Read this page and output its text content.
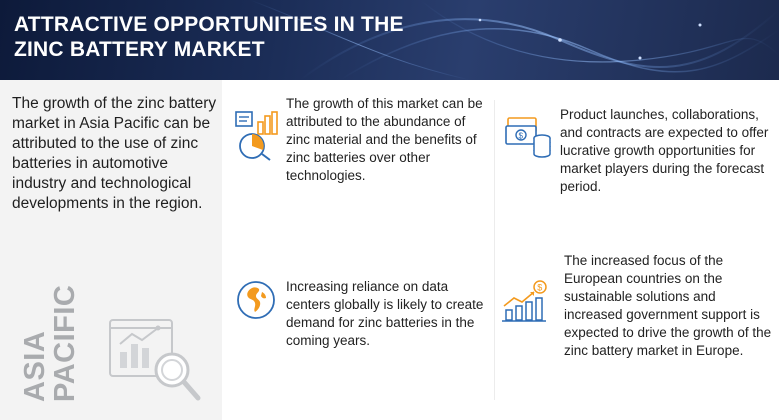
ATTRACTIVE OPPORTUNITIES IN THE
ZINC BATTERY MARKET
The growth of the zinc battery market in Asia Pacific can be attributed to the use of zinc batteries in automotive industry and technological developments in the region.
ASIA
PACIFIC
The growth of this market can be attributed to the abundance of zinc material and the benefits of zinc batteries over other technologies.
$
Product launches, collaborations, and contracts are expected to offer lucrative growth opportunities for market players during the forecast period.
Increasing reliance on data centers globally is likely to create demand for zinc batteries in the coming years.
$
The increased focus of the European countries on the sustainable solutions and increased government support is expected to drive the growth of the zinc battery market in Europe.
